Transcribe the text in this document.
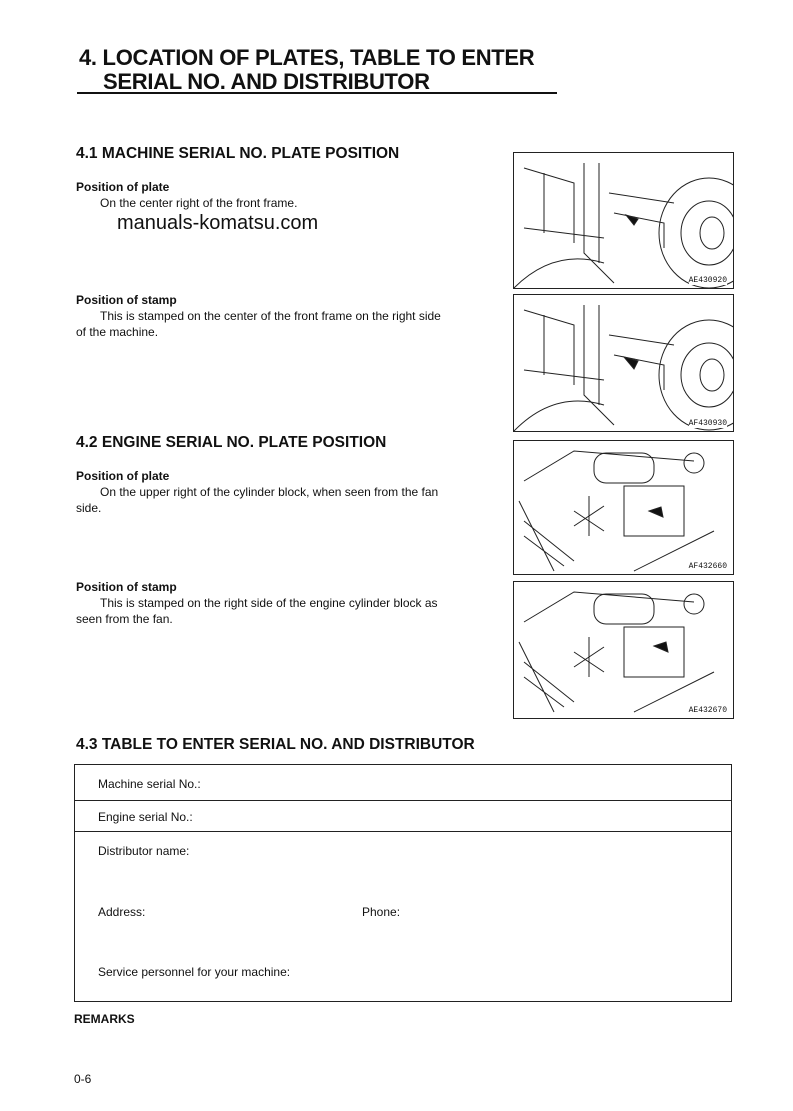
4. LOCATION OF PLATES, TABLE TO ENTER
SERIAL NO. AND DISTRIBUTOR
4.1 MACHINE SERIAL NO. PLATE POSITION
Position of plate
On the center right of the front frame.
manuals-komatsu.com
Position of stamp
This is stamped on the center of the front frame on the right side
of the machine.
4.2 ENGINE SERIAL NO. PLATE POSITION
Position of plate
On the upper right of the cylinder block, when seen from the fan
side.
Position of stamp
This is stamped on the right side of the engine cylinder block as
seen from the fan.
AE430920
AF430930
AF432660
AE432670
4.3 TABLE TO ENTER SERIAL NO. AND DISTRIBUTOR
Machine serial No.:
Engine serial No.:
Distributor name:
Address:	Phone:
Service personnel for your machine:
REMARKS
0-6
